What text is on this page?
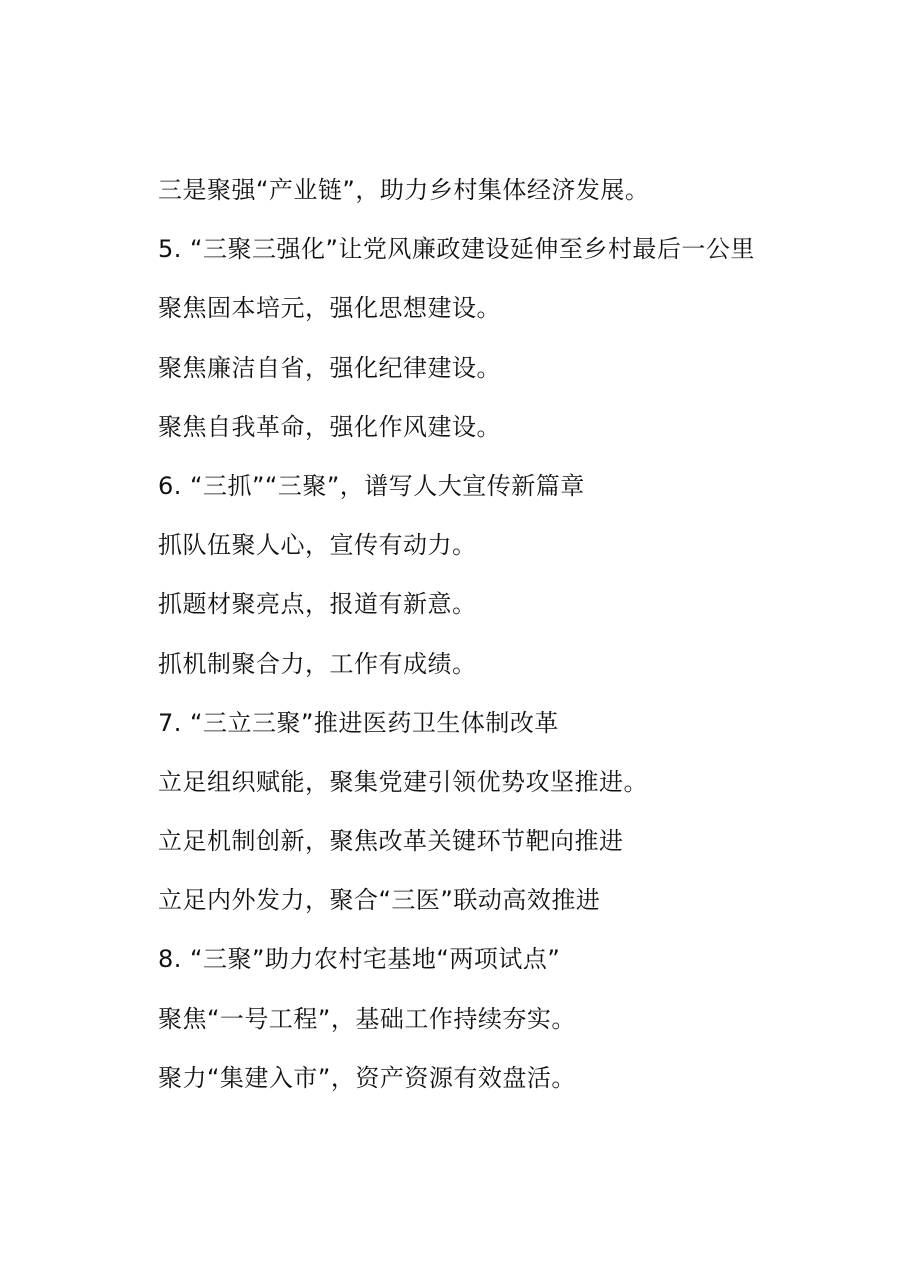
三是聚强“产业链”，助力乡村集体经济发展。
5. “三聚三强化”让党风廉政建设延伸至乡村最后一公里
聚焦固本培元，强化思想建设。
聚焦廉洁自省，强化纪律建设。
聚焦自我革命，强化作风建设。
6. “三抓”“三聚”，谱写人大宣传新篇章
抓队伍聚人心，宣传有动力。
抓题材聚亮点，报道有新意。
抓机制聚合力，工作有成绩。
7. “三立三聚”推进医药卫生体制改革
立足组织赋能，聚集党建引领优势攻坚推进。
立足机制创新，聚焦改革关键环节靶向推进
立足内外发力，聚合“三医”联动高效推进
8. “三聚”助力农村宅基地“两项试点”
聚焦“一号工程”，基础工作持续夯实。
聚力“集建入市”，资产资源有效盘活。
